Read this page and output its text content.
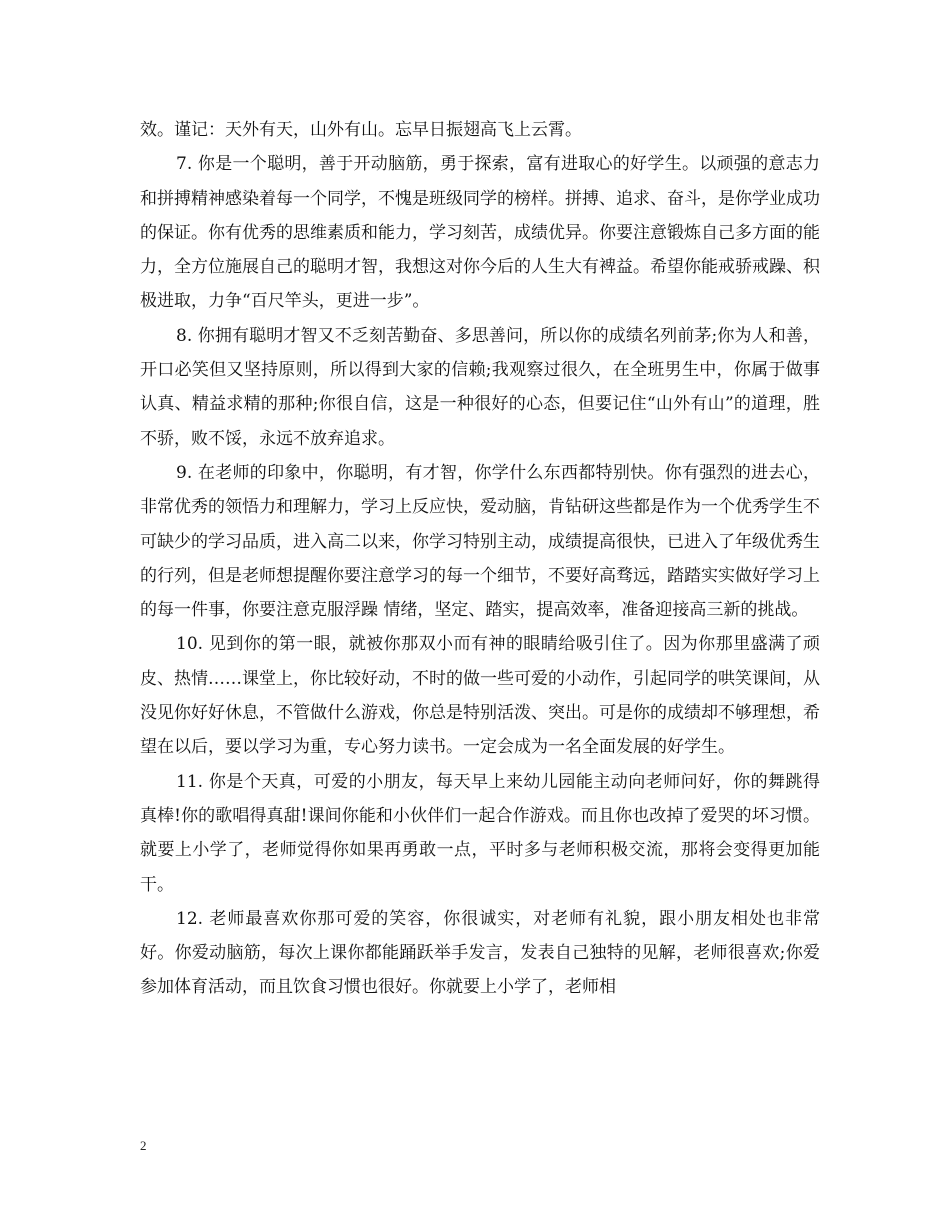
效。谨记：天外有天，山外有山。忘早日振翅高飞上云霄。

7. 你是一个聪明，善于开动脑筋，勇于探索，富有进取心的好学生。以顽强的意志力和拼搏精神感染着每一个同学，不愧是班级同学的榜样。拼搏、追求、奋斗，是你学业成功的保证。你有优秀的思维素质和能力，学习刻苦，成绩优异。你要注意锻炼自己多方面的能力，全方位施展自己的聪明才智，我想这对你今后的人生大有裨益。希望你能戒骄戒躁、积极进取，力争“百尺竿头，更进一步”。

8. 你拥有聪明才智又不乏刻苦勤奋、多思善问，所以你的成绩名列前茅;你为人和善，开口必笑但又坚持原则，所以得到大家的信赖;我观察过很久，在全班男生中，你属于做事认真、精益求精的那种;你很自信，这是一种很好的心态，但要记住“山外有山”的道理，胜不骄，败不馁，永远不放弃追求。

9. 在老师的印象中，你聪明，有才智，你学什么东西都特别快。你有强烈的进去心，非常优秀的领悟力和理解力，学习上反应快，爱动脑，肯钻研这些都是作为一个优秀学生不可缺少的学习品质，进入高二以来，你学习特别主动，成绩提高很快，已进入了年级优秀生的行列，但是老师想提醒你要注意学习的每一个细节，不要好高骛远，踏踏实实做好学习上的每一件事，你要注意克服浮躁 情绪，坚定、踏实，提高效率，准备迎接高三新的挑战。

10. 见到你的第一眼，就被你那双小而有神的眼睛给吸引住了。因为你那里盛满了顽皮、热情……课堂上，你比较好动，不时的做一些可爱的小动作，引起同学的哄笑课间，从没见你好好休息，不管做什么游戏，你总是特别活泼、突出。可是你的成绩却不够理想，希望在以后，要以学习为重，专心努力读书。一定会成为一名全面发展的好学生。

11. 你是个天真，可爱的小朋友，每天早上来幼儿园能主动向老师问好，你的舞跳得真棒!你的歌唱得真甜!课间你能和小伙伴们一起合作游戏。而且你也改掉了爱哭的坏习惯。就要上小学了，老师觉得你如果再勇敢一点，平时多与老师积极交流，那将会变得更加能干。

12. 老师最喜欢你那可爱的笑容，你很诚实，对老师有礼貌，跟小朋友相处也非常好。你爱动脑筋，每次上课你都能踊跃举手发言，发表自己独特的见解，老师很喜欢;你爱参加体育活动，而且饮食习惯也很好。你就要上小学了，老师相

2
